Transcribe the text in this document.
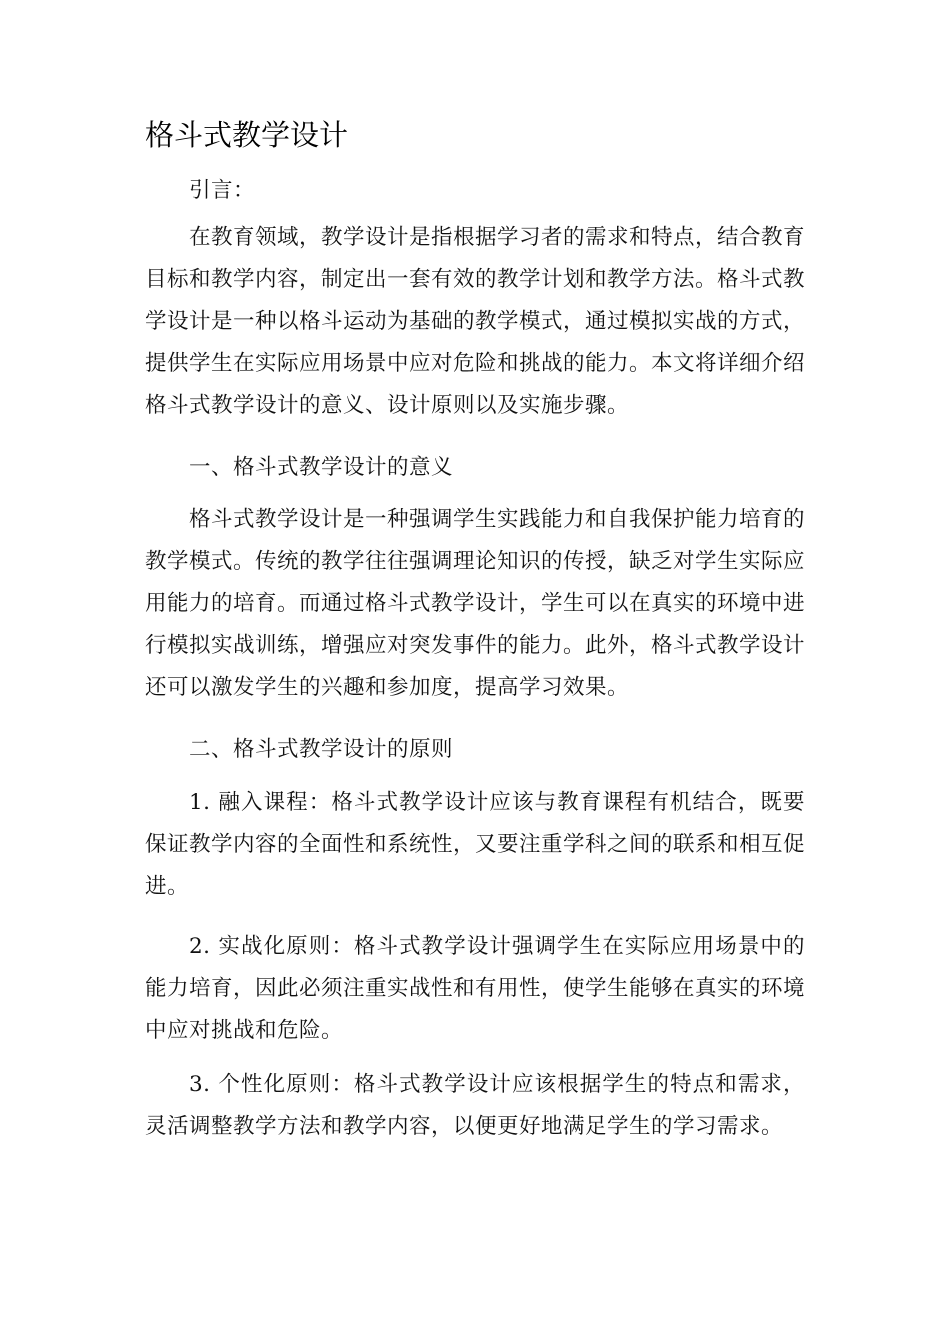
格斗式教学设计

引言：

在教育领域，教学设计是指根据学习者的需求和特点，结合教育目标和教学内容，制定出一套有效的教学计划和教学方法。格斗式教学设计是一种以格斗运动为基础的教学模式，通过模拟实战的方式，提供学生在实际应用场景中应对危险和挑战的能力。本文将详细介绍格斗式教学设计的意义、设计原则以及实施步骤。

一、格斗式教学设计的意义

格斗式教学设计是一种强调学生实践能力和自我保护能力培育的教学模式。传统的教学往往强调理论知识的传授，缺乏对学生实际应用能力的培育。而通过格斗式教学设计，学生可以在真实的环境中进行模拟实战训练，增强应对突发事件的能力。此外，格斗式教学设计还可以激发学生的兴趣和参加度，提高学习效果。

二、格斗式教学设计的原则

1. 融入课程：格斗式教学设计应该与教育课程有机结合，既要保证教学内容的全面性和系统性，又要注重学科之间的联系和相互促进。

2. 实战化原则：格斗式教学设计强调学生在实际应用场景中的能力培育，因此必须注重实战性和有用性，使学生能够在真实的环境中应对挑战和危险。

3. 个性化原则：格斗式教学设计应该根据学生的特点和需求，灵活调整教学方法和教学内容，以便更好地满足学生的学习需求。
